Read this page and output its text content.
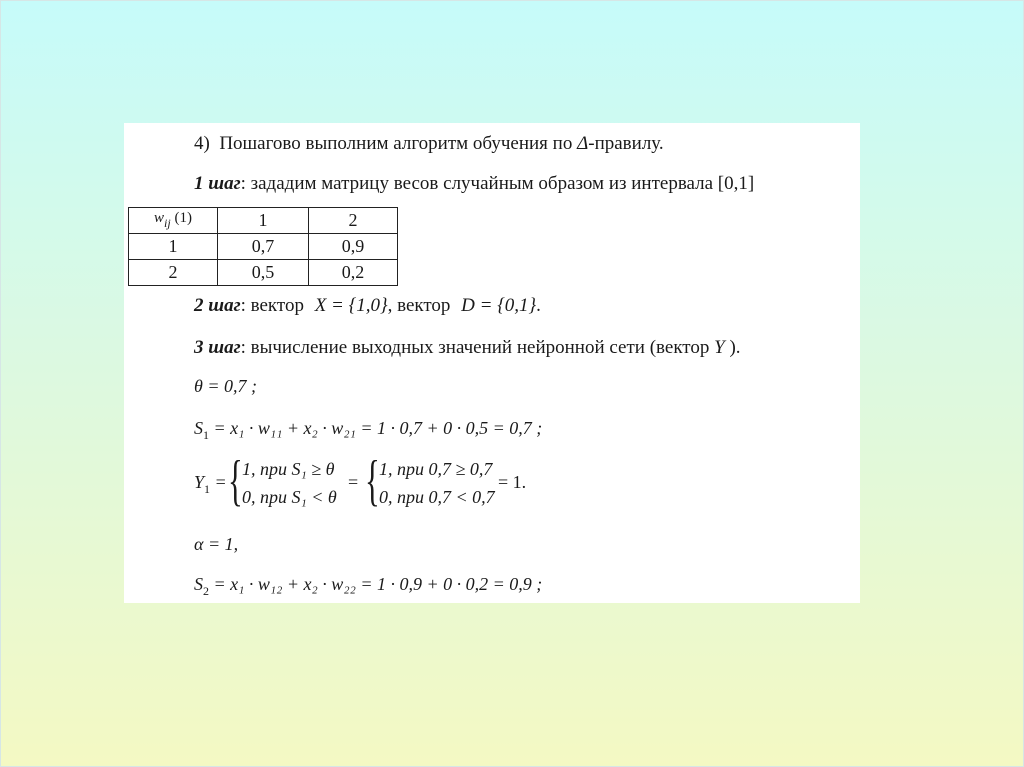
4) Пошагово выполним алгоритм обучения по Δ-правилу.
1 шаг: зададим матрицу весов случайным образом из интервала [0,1]
$w_{ij}$ (1)	1	2
1	0,7	0,9
2	0,5	0,2
2 шаг: вектор X = {1,0}, вектор D = {0,1}.
3 шаг: вычисление выходных значений нейронной сети (вектор Y ).
θ = 0,7 ;
$S_1 = x_1 \cdot w_{11} + x_2 \cdot w_{21} = 1 \cdot 0,7 + 0 \cdot 0,5 = 0,7$ ;
$Y_1$ = { 1, при S₁ ≥ θ
0, при S₁ < θ
= { 1, при 0,7 ≥ 0,7
0, при 0,7 < 0,7
= 1.
α = 1,
$S_2 = x_1 \cdot w_{12} + x_2 \cdot w_{22} = 1 \cdot 0,9 + 0 \cdot 0,2 = 0,9$ ;
